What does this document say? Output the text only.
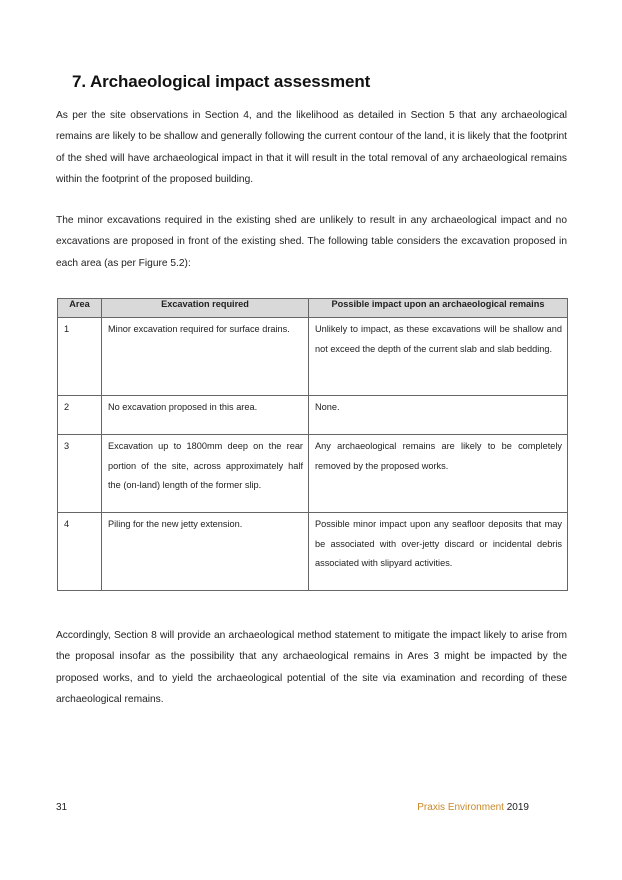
7. Archaeological impact assessment

As per the site observations in Section 4, and the likelihood as detailed in Section 5 that any archaeological remains are likely to be shallow and generally following the current contour of the land, it is likely that the footprint of the shed will have archaeological impact in that it will result in the total removal of any archaeological remains within the footprint of the proposed building.

The minor excavations required in the existing shed are unlikely to result in any archaeological impact and no excavations are proposed in front of the existing shed. The following table considers the excavation proposed in each area (as per Figure 5.2):

Area	Excavation required	Possible impact upon an archaeological remains
1	Minor excavation required for surface drains.	Unlikely to impact, as these excavations will be shallow and not exceed the depth of the current slab and slab bedding.
2	No excavation proposed in this area.	None.
3	Excavation up to 1800mm deep on the rear portion of the site, across approximately half the (on-land) length of the former slip.	Any archaeological remains are likely to be completely removed by the proposed works.
4	Piling for the new jetty extension.	Possible minor impact upon any seafloor deposits that may be associated with over-jetty discard or incidental debris associated with slipyard activities.

Accordingly, Section 8 will provide an archaeological method statement to mitigate the impact likely to arise from the proposal insofar as the possibility that any archaeological remains in Ares 3 might be impacted by the proposed works, and to yield the archaeological potential of the site via examination and recording of these archaeological remains.

31	Praxis Environment 2019
